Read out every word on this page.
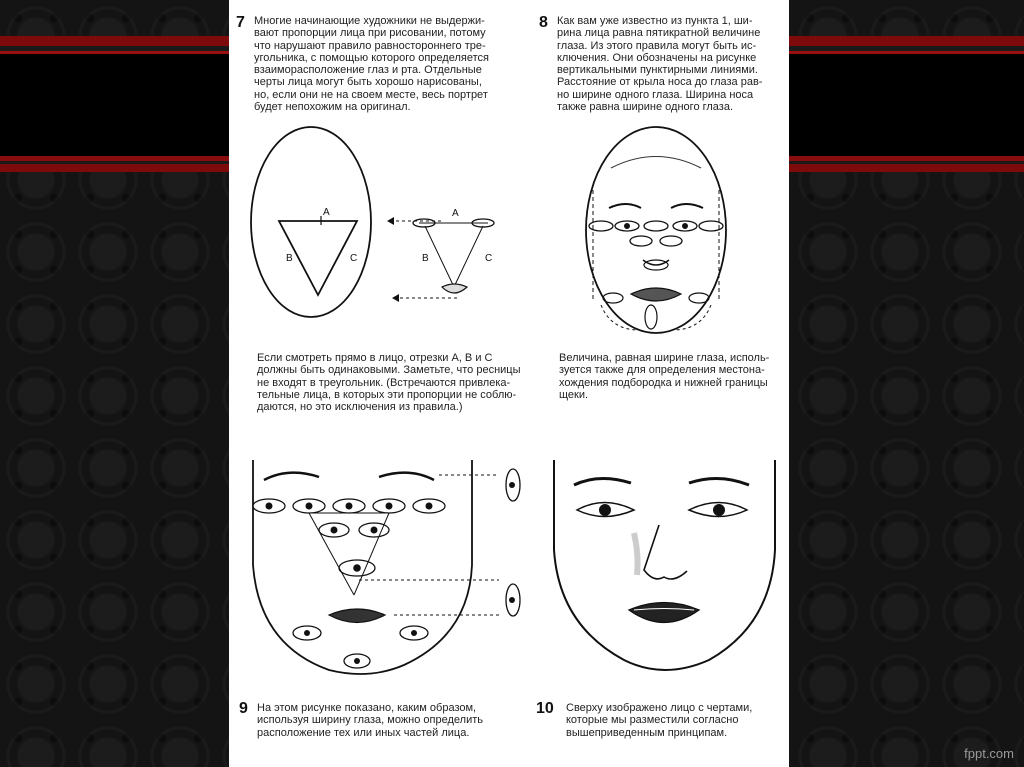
7 Многие начинающие художники не выдержи-
вают пропорции лица при рисовании, потому
что нарушают правило равностороннего тре-
угольника, с помощью которого определяется
взаиморасположение глаз и рта. Отдельные
черты лица могут быть хорошо нарисованы,
но, если они не на своем месте, весь портрет
будет непохожим на оригинал.

A
B	C
A
B	C

Если смотреть прямо в лицо, отрезки А, В и С
должны быть одинаковыми. Заметьте, что ресницы
не входят в треугольник. (Встречаются привлека-
тельные лица, в которых эти пропорции не соблю-
даются, но это исключения из правила.)

8 Как вам уже известно из пункта 1, ши-
рина лица равна пятикратной величине
глаза. Из этого правила могут быть ис-
ключения. Они обозначены на рисунке
вертикальными пунктирными линиями.
Расстояние от крыла носа до глаза рав-
но ширине одного глаза. Ширина носа
также равна ширине одного глаза.

Величина, равная ширине глаза, исполь-
зуется также для определения местона-
хождения подбородка и нижней границы
щеки.

9 На этом рисунке показано, каким образом,
используя ширину глаза, можно определить
расположение тех или иных частей лица.

10 Сверху изображено лицо с чертами,
которые мы разместили согласно
вышеприведенным принципам.

fppt.com
